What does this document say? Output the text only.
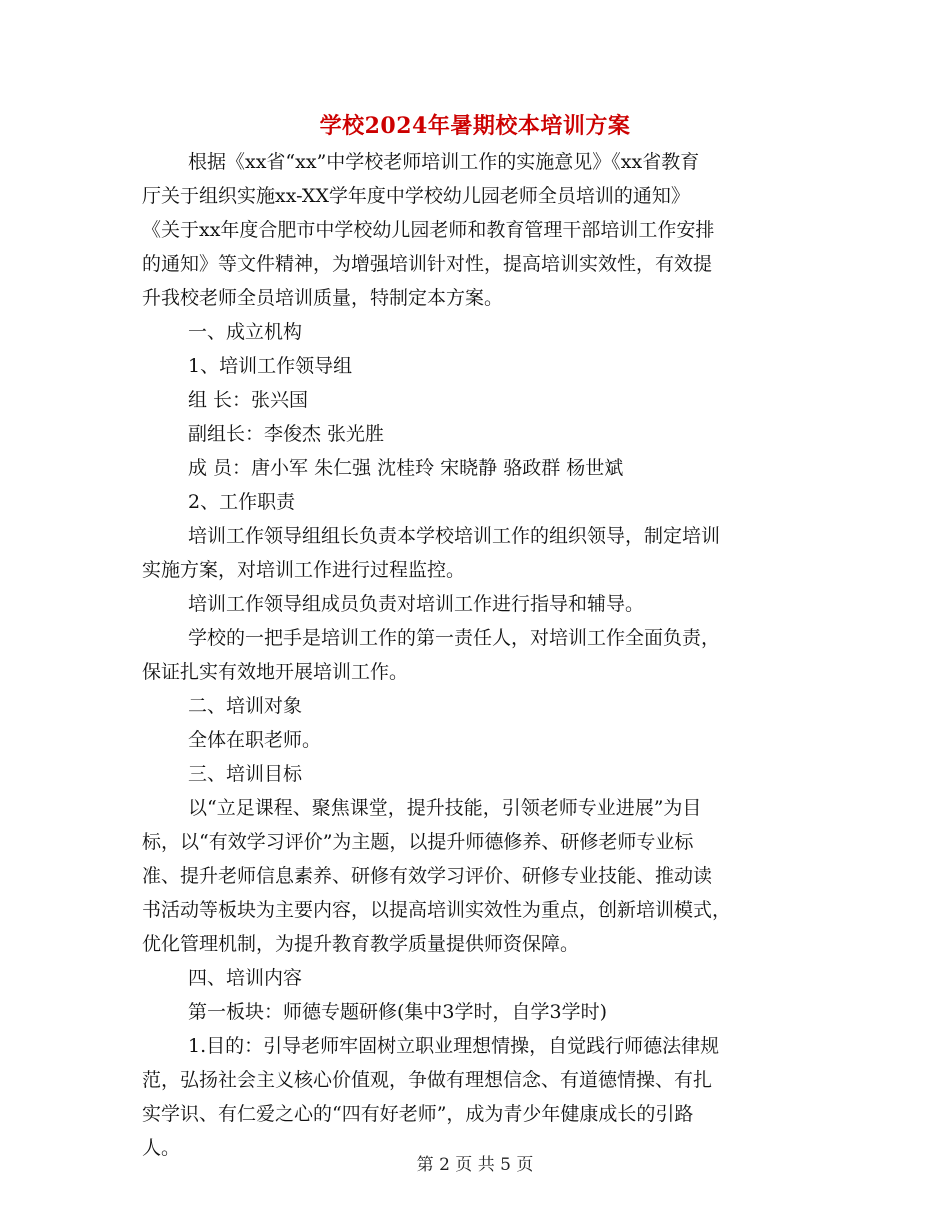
学校2024年暑期校本培训方案
根据《xx省“xx”中学校老师培训工作的实施意见》《xx省教育
厅关于组织实施xx-XX学年度中学校幼儿园老师全员培训的通知》
《关于xx年度合肥市中学校幼儿园老师和教育管理干部培训工作安排
的通知》等文件精神，为增强培训针对性，提高培训实效性，有效提
升我校老师全员培训质量，特制定本方案。
一、成立机构
1、培训工作领导组
组 长：张兴国
副组长：李俊杰 张光胜
成 员：唐小军 朱仁强 沈桂玲 宋晓静 骆政群 杨世斌
2、工作职责
培训工作领导组组长负责本学校培训工作的组织领导，制定培训
实施方案，对培训工作进行过程监控。
培训工作领导组成员负责对培训工作进行指导和辅导。
学校的一把手是培训工作的第一责任人，对培训工作全面负责，
保证扎实有效地开展培训工作。
二、培训对象
全体在职老师。
三、培训目标
以“立足课程、聚焦课堂，提升技能，引领老师专业进展”为目
标，以“有效学习评价”为主题，以提升师德修养、研修老师专业标
准、提升老师信息素养、研修有效学习评价、研修专业技能、推动读
书活动等板块为主要内容，以提高培训实效性为重点，创新培训模式，
优化管理机制，为提升教育教学质量提供师资保障。
四、培训内容
第一板块：师德专题研修(集中3学时，自学3学时)
1.目的：引导老师牢固树立职业理想情操，自觉践行师德法律规
范，弘扬社会主义核心价值观，争做有理想信念、有道德情操、有扎
实学识、有仁爱之心的“四有好老师”，成为青少年健康成长的引路
人。
第 2 页 共 5 页
